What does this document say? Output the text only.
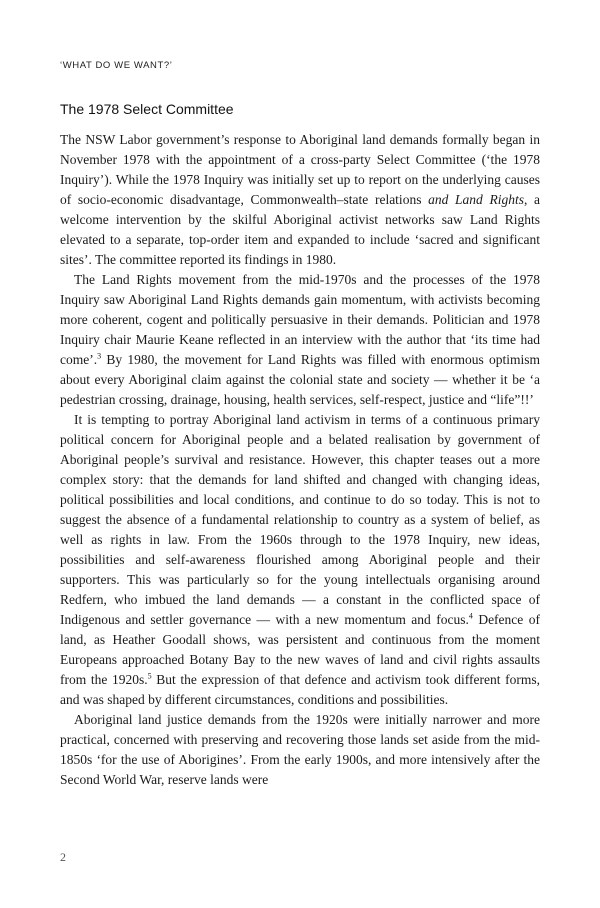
‘WHAT DO WE WANT?’
The 1978 Select Committee

The NSW Labor government’s response to Aboriginal land demands formally began in November 1978 with the appointment of a cross-party Select Committee (‘the 1978 Inquiry’). While the 1978 Inquiry was initially set up to report on the underlying causes of socio-economic disadvantage, Commonwealth–state relations and Land Rights, a welcome intervention by the skilful Aboriginal activist networks saw Land Rights elevated to a separate, top-order item and expanded to include ‘sacred and significant sites’. The committee reported its findings in 1980.

The Land Rights movement from the mid-1970s and the processes of the 1978 Inquiry saw Aboriginal Land Rights demands gain momentum, with activists becoming more coherent, cogent and politically persuasive in their demands. Politician and 1978 Inquiry chair Maurie Keane reflected in an interview with the author that ‘its time had come’.$^3$ By 1980, the movement for Land Rights was filled with enormous optimism about every Aboriginal claim against the colonial state and society — whether it be ‘a pedestrian crossing, drainage, housing, health services, self-respect, justice and “life”!!’

It is tempting to portray Aboriginal land activism in terms of a continuous primary political concern for Aboriginal people and a belated realisation by government of Aboriginal people’s survival and resistance. However, this chapter teases out a more complex story: that the demands for land shifted and changed with changing ideas, political possibilities and local conditions, and continue to do so today. This is not to suggest the absence of a fundamental relationship to country as a system of belief, as well as rights in law. From the 1960s through to the 1978 Inquiry, new ideas, possibilities and self-awareness flourished among Aboriginal people and their supporters. This was particularly so for the young intellectuals organising around Redfern, who imbued the land demands — a constant in the conflicted space of Indigenous and settler governance — with a new momentum and focus.$^4$ Defence of land, as Heather Goodall shows, was persistent and continuous from the moment Europeans approached Botany Bay to the new waves of land and civil rights assaults from the 1920s.$^5$ But the expression of that defence and activism took different forms, and was shaped by different circumstances, conditions and possibilities.

Aboriginal land justice demands from the 1920s were initially narrower and more practical, concerned with preserving and recovering those lands set aside from the mid-1850s ‘for the use of Aborigines’. From the early 1900s, and more intensively after the Second World War, reserve lands were

2
